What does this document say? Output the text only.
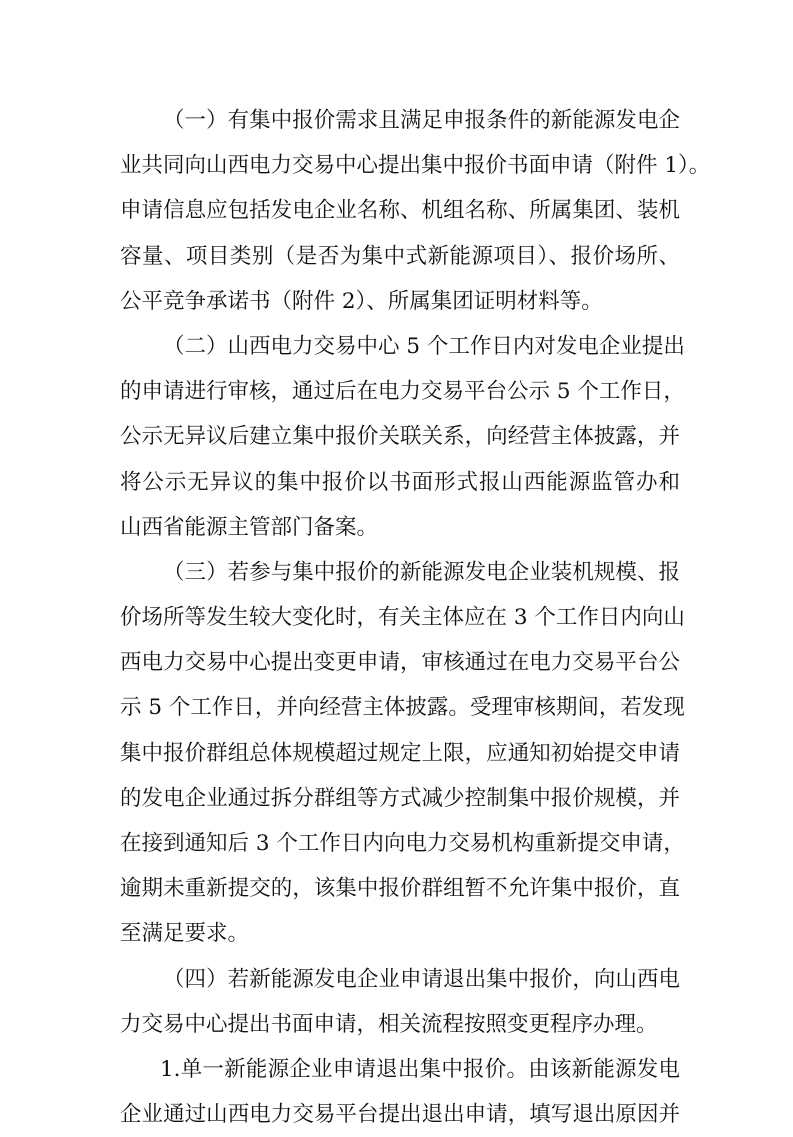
（一）有集中报价需求且满足申报条件的新能源发电企
业共同向山西电力交易中心提出集中报价书面申请（附件 1）。
申请信息应包括发电企业名称、机组名称、所属集团、装机
容量、项目类别（是否为集中式新能源项目）、报价场所、
公平竞争承诺书（附件 2）、所属集团证明材料等。
（二）山西电力交易中心 5 个工作日内对发电企业提出
的申请进行审核，通过后在电力交易平台公示 5 个工作日，
公示无异议后建立集中报价关联关系，向经营主体披露，并
将公示无异议的集中报价以书面形式报山西能源监管办和
山西省能源主管部门备案。
（三）若参与集中报价的新能源发电企业装机规模、报
价场所等发生较大变化时，有关主体应在 3 个工作日内向山
西电力交易中心提出变更申请，审核通过在电力交易平台公
示 5 个工作日，并向经营主体披露。受理审核期间，若发现
集中报价群组总体规模超过规定上限，应通知初始提交申请
的发电企业通过拆分群组等方式减少控制集中报价规模，并
在接到通知后 3 个工作日内向电力交易机构重新提交申请，
逾期未重新提交的，该集中报价群组暂不允许集中报价，直
至满足要求。
（四）若新能源发电企业申请退出集中报价，向山西电
力交易中心提出书面申请，相关流程按照变更程序办理。
1.单一新能源企业申请退出集中报价。由该新能源发电
企业通过山西电力交易平台提出退出申请，填写退出原因并
